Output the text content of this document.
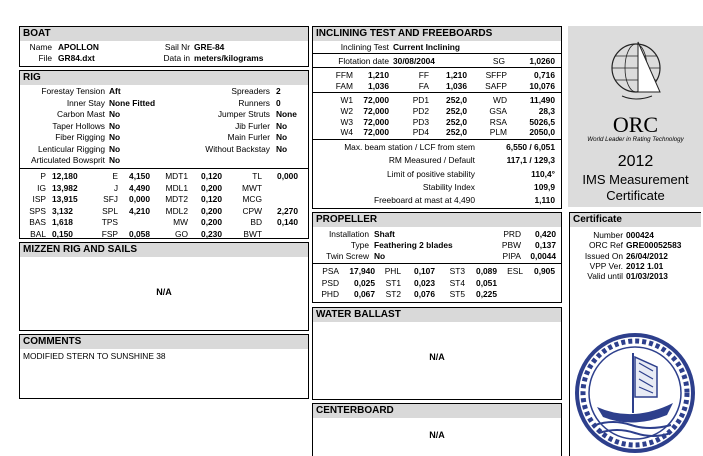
BOAT
Name APOLLON
File GR84.dxt
Sail Nr GRE-84
Data in meters/kilograms
RIG
Forestay Tension Aft
Inner Stay None Fitted
Carbon Mast No
Taper Hollows No
Fiber Rigging No
Lenticular Rigging No
Articulated Bowsprit No
Spreaders 2
Runners 0
Jumper Struts None
Jib Furler No
Main Furler No
Without Backstay No
P 12,180	E	4,150	MDT1	0,120	TL	0,000
IG 13,982	J	4,490	MDL1	0,200	MWT
ISP 13,915	SFJ	0,000	MDT2	0,120	MCG
SPS 3,132	SPL	4,210	MDL2	0,200	CPW	2,270
BAS 1,618	TPS	MW	0,200	BD	0,140
BAL 0,150	FSP	0,058	GO	0,230	BWT
MIZZEN RIG AND SAILS
N/A
COMMENTS
MODIFIED STERN TO SUNSHINE 38
INCLINING TEST AND FREEBOARDS
Inclining Test Current Inclining
Flotation date 30/08/2004	SG	1,0260
FFM	1,210	FF	1,210	SFFP	0,716
FAM	1,036	FA	1,036	SAFP	10,076
W1	72,000	PD1	252,0	WD	11,490
W2	72,000	PD2	252,0	GSA	28,3
W3	72,000	PD3	252,0	RSA	5026,5
W4	72,000	PD4	252,0	PLM	2050,0
Max. beam station / LCF from stem	6,550 / 6,051
RM Measured / Default	117,1 / 129,3
Limit of positive stability	110,4°
Stability Index	109,9
Freeboard at mast at 4,490	1,110
PROPELLER
Installation Shaft
Type Feathering 2 blades
Twin Screw No
PRD	0,420
PBW	0,137
PIPA	0,0044
PSA	17,940	PHL	0,107	ST3	0,089	ESL	0,905
PSD	0,025	ST1	0,023	ST4	0,051
PHD	0,067	ST2	0,076	ST5	0,225
WATER BALLAST
N/A
CENTERBOARD
N/A
ORC
World Leader in Rating Technology
2012
IMS Measurement
Certificate
Certificate
Number 000424
ORC Ref GRE00052583
Issued On 26/04/2012
VPP Ver. 2012 1.01
Valid until 01/03/2013
